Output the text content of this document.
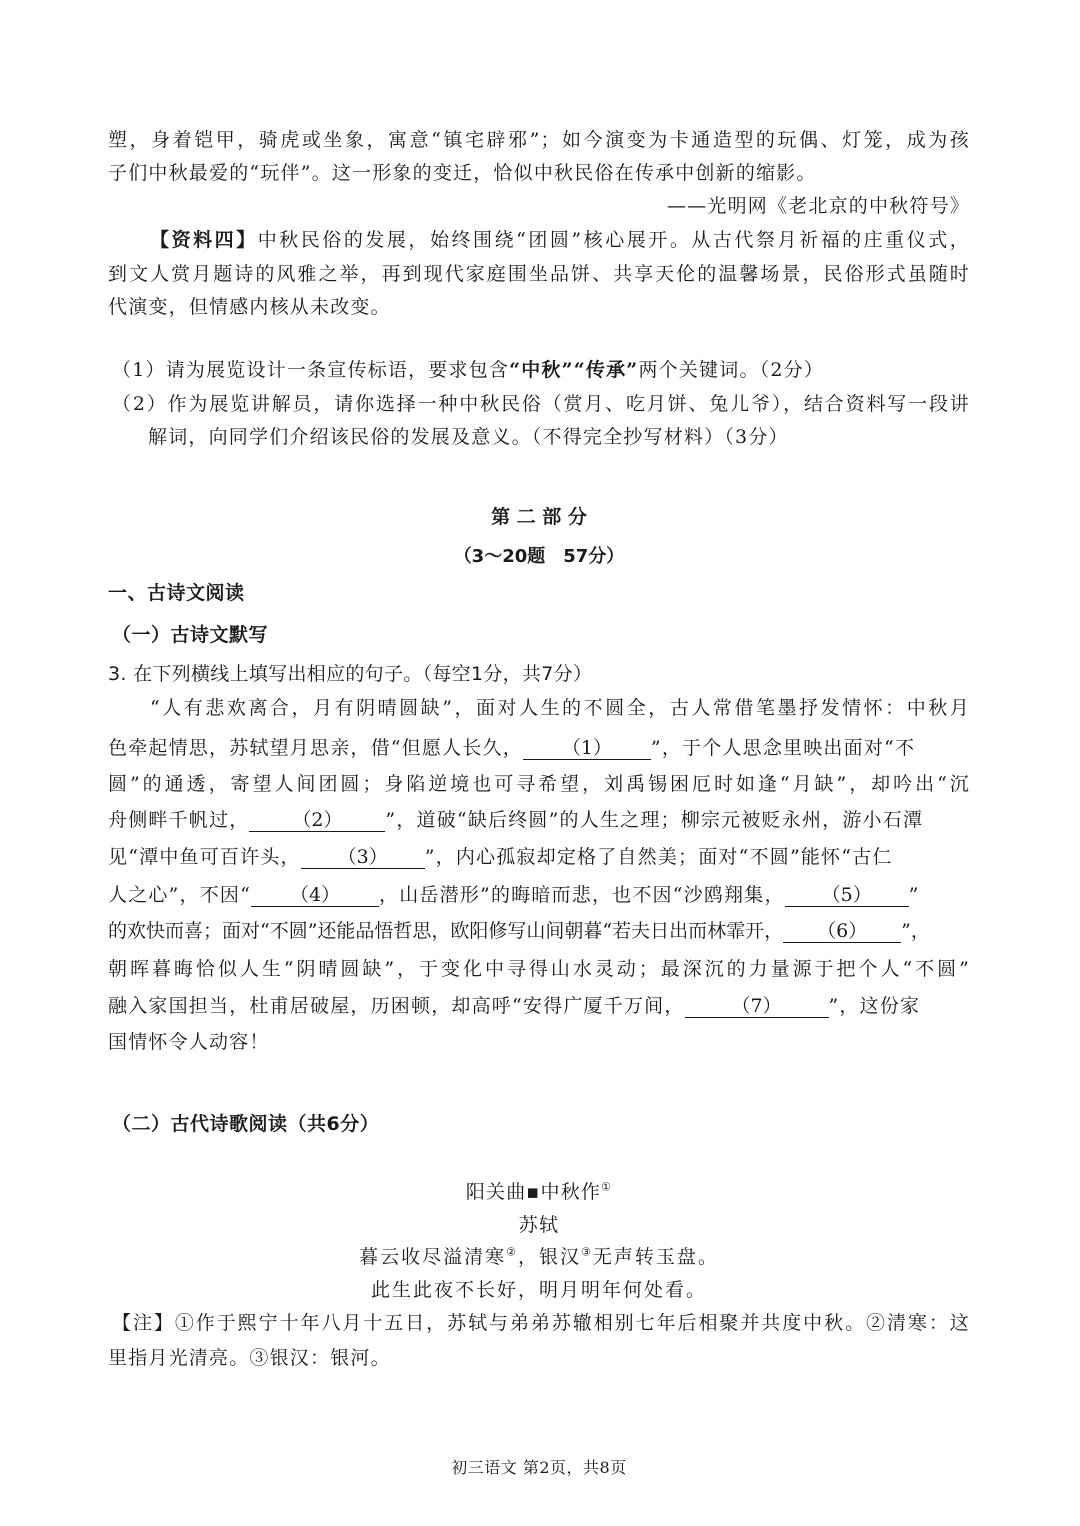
塑，身着铠甲，骑虎或坐象，寓意“镇宅辟邪”；如今演变为卡通造型的玩偶、灯笼，成为孩
子们中秋最爱的“玩伴”。这一形象的变迁，恰似中秋民俗在传承中创新的缩影。
——光明网《老北京的中秋符号》
【资料四】中秋民俗的发展，始终围绕“团圆”核心展开。从古代祭月祈福的庄重仪式，
到文人赏月题诗的风雅之举，再到现代家庭围坐品饼、共享天伦的温馨场景，民俗形式虽随时
代演变，但情感内核从未改变。
（1）请为展览设计一条宣传标语，要求包含“中秋”“传承”两个关键词。（2分）
（2）作为展览讲解员，请你选择一种中秋民俗（赏月、吃月饼、兔儿爷），结合资料写一段讲
解词，向同学们介绍该民俗的发展及意义。（不得完全抄写材料）（3分）
第 二 部 分
（3～20题　57分）
一、古诗文阅读
（一）古诗文默写
3. 在下列横线上填写出相应的句子。（每空1分，共7分）
“人有悲欢离合，月有阴晴圆缺”，面对人生的不圆全，古人常借笔墨抒发情怀：中秋月
色牵起情思，苏轼望月思亲，借“但愿人长久， （1） ”，于个人思念里映出面对“不
圆”的通透，寄望人间团圆；身陷逆境也可寻希望，刘禹锡困厄时如逢“月缺”，却吟出“沉
舟侧畔千帆过， （2） ”，道破“缺后终圆”的人生之理；柳宗元被贬永州，游小石潭
见“潭中鱼可百许头， （3） ”，内心孤寂却定格了自然美；面对“不圆”能怀“古仁
人之心”，不因“ （4） ，山岳潜形”的晦暗而悲，也不因“沙鸥翔集， （5） ”
的欢快而喜；面对“不圆”还能品悟哲思，欧阳修写山间朝暮“若夫日出而林霏开， （6） ”，
朝晖暮晦恰似人生“阴晴圆缺”，于变化中寻得山水灵动；最深沉的力量源于把个人“不圆”
融入家国担当，杜甫居破屋，历困顿，却高呼“安得广厦千万间， （7） ”，这份家
国情怀令人动容！
（二）古代诗歌阅读（共6分）
阳关曲▪中秋作①
苏轼
暮云收尽溢清寒②，银汉③无声转玉盘。
此生此夜不长好，明月明年何处看。
【注】①作于熙宁十年八月十五日，苏轼与弟弟苏辙相别七年后相聚并共度中秋。②清寒：这
里指月光清亮。③银汉：银河。
初三语文 第2页，共8页
